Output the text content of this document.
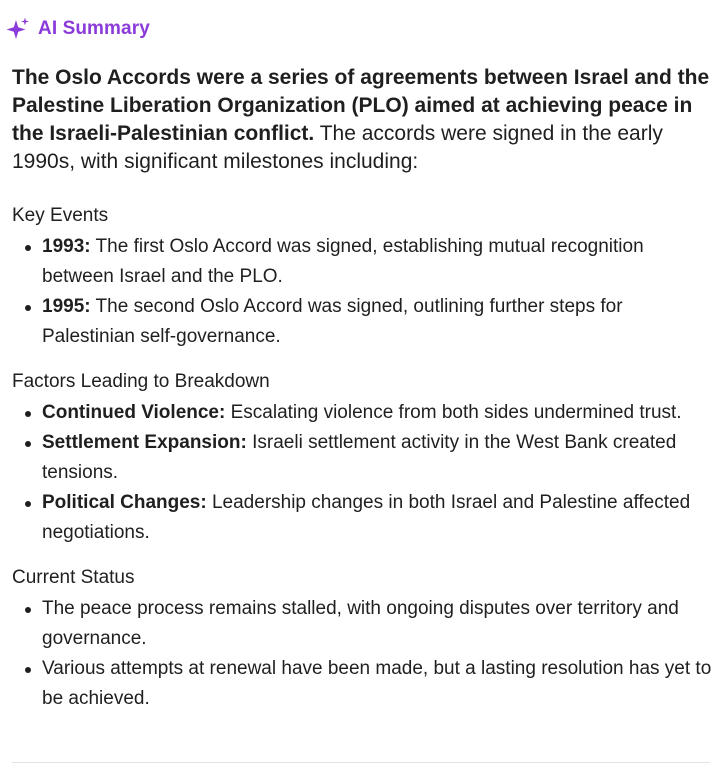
AI Summary
The Oslo Accords were a series of agreements between Israel and the Palestine Liberation Organization (PLO) aimed at achieving peace in the Israeli-Palestinian conflict. The accords were signed in the early 1990s, with significant milestones including:
Key Events
1993: The first Oslo Accord was signed, establishing mutual recognition between Israel and the PLO.
1995: The second Oslo Accord was signed, outlining further steps for Palestinian self-governance.
Factors Leading to Breakdown
Continued Violence: Escalating violence from both sides undermined trust.
Settlement Expansion: Israeli settlement activity in the West Bank created tensions.
Political Changes: Leadership changes in both Israel and Palestine affected negotiations.
Current Status
The peace process remains stalled, with ongoing disputes over territory and governance.
Various attempts at renewal have been made, but a lasting resolution has yet to be achieved.
